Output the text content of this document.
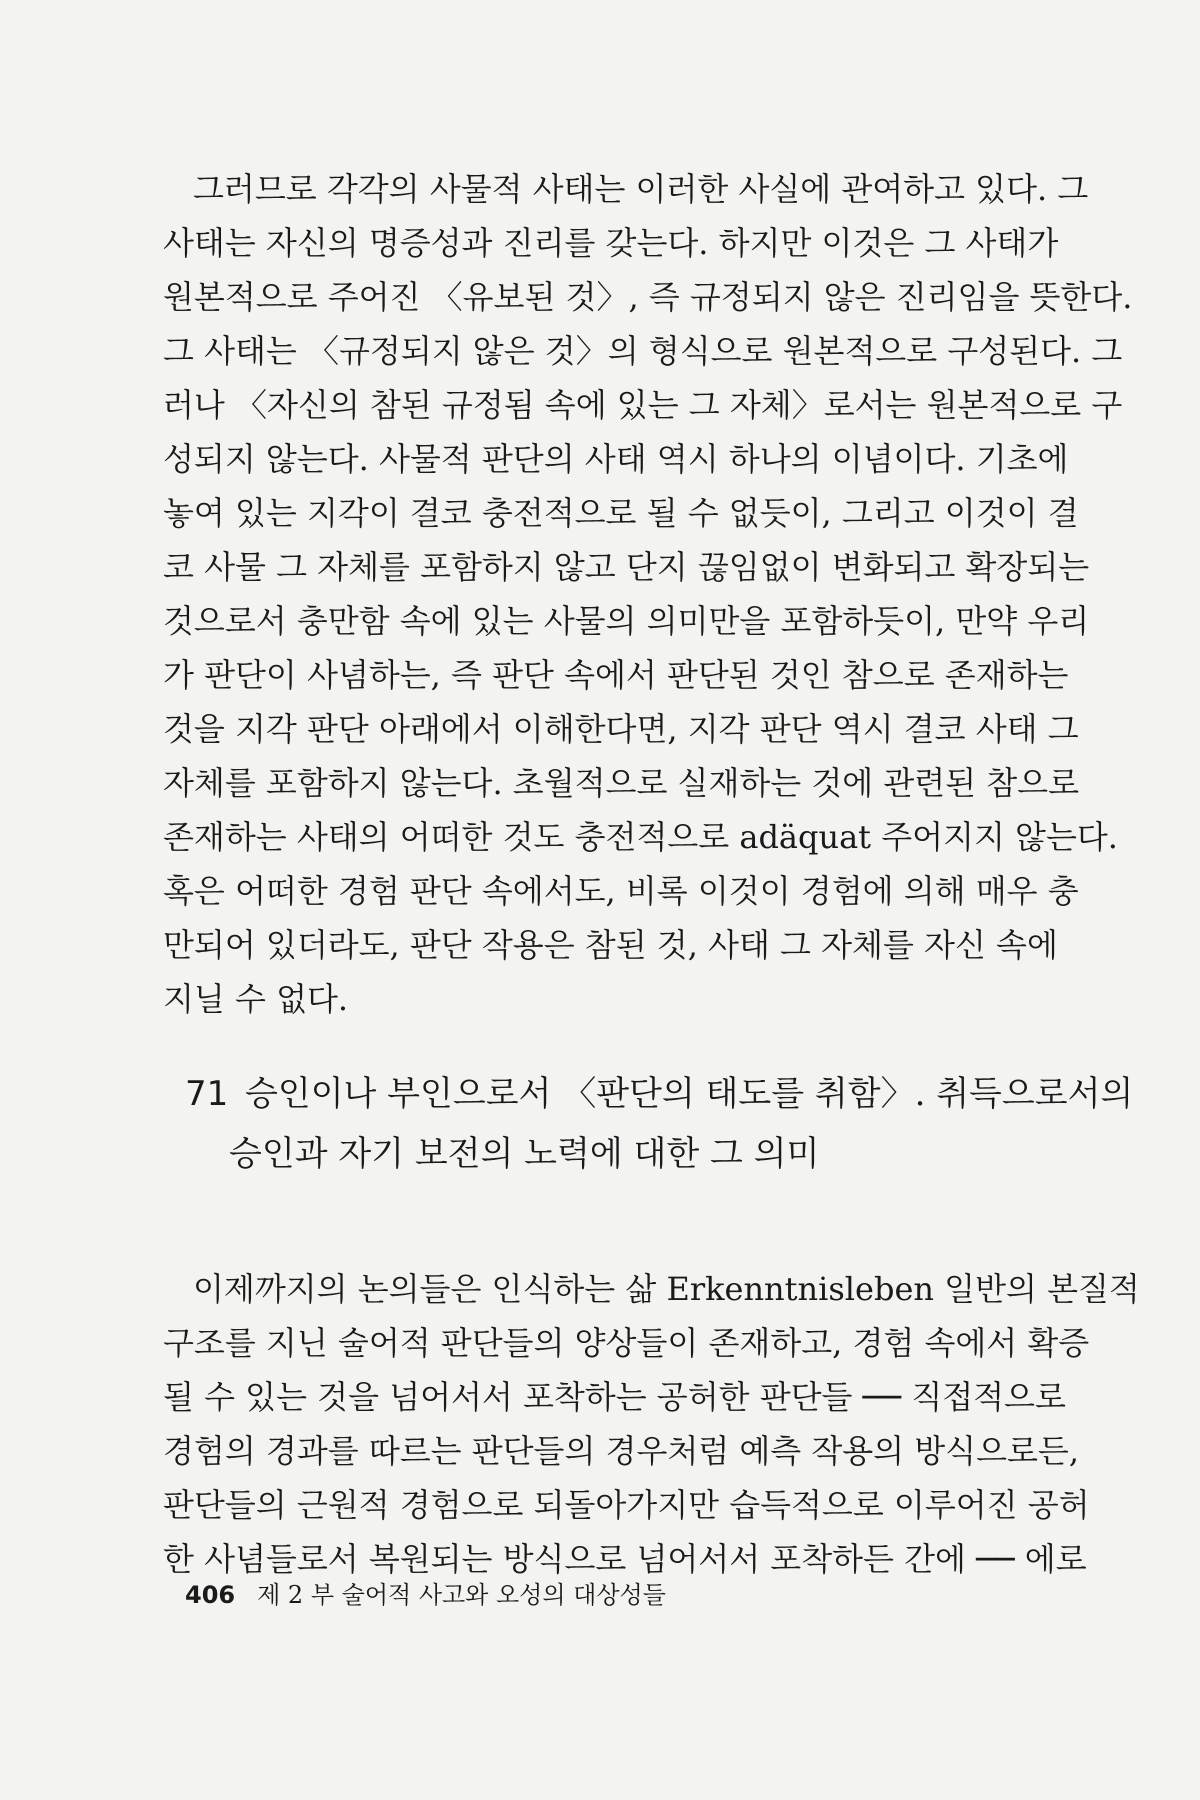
그러므로 각각의 사물적 사태는 이러한 사실에 관여하고 있다. 그
사태는 자신의 명증성과 진리를 갖는다. 하지만 이것은 그 사태가
원본적으로 주어진 〈유보된 것〉, 즉 규정되지 않은 진리임을 뜻한다.
그 사태는 〈규정되지 않은 것〉의 형식으로 원본적으로 구성된다. 그
러나 〈자신의 참된 규정됨 속에 있는 그 자체〉로서는 원본적으로 구
성되지 않는다. 사물적 판단의 사태 역시 하나의 이념이다. 기초에
놓여 있는 지각이 결코 충전적으로 될 수 없듯이, 그리고 이것이 결
코 사물 그 자체를 포함하지 않고 단지 끊임없이 변화되고 확장되는
것으로서 충만함 속에 있는 사물의 의미만을 포함하듯이, 만약 우리
가 판단이 사념하는, 즉 판단 속에서 판단된 것인 참으로 존재하는
것을 지각 판단 아래에서 이해한다면, 지각 판단 역시 결코 사태 그
자체를 포함하지 않는다. 초월적으로 실재하는 것에 관련된 참으로
존재하는 사태의 어떠한 것도 충전적으로 adäquat 주어지지 않는다.
혹은 어떠한 경험 판단 속에서도, 비록 이것이 경험에 의해 매우 충
만되어 있더라도, 판단 작용은 참된 것, 사태 그 자체를 자신 속에
지닐 수 없다.
71 승인이나 부인으로서 〈판단의 태도를 취함〉. 취득으로서의
승인과 자기 보전의 노력에 대한 그 의미
이제까지의 논의들은 인식하는 삶 Erkenntnisleben 일반의 본질적
구조를 지닌 술어적 판단들의 양상들이 존재하고, 경험 속에서 확증
될 수 있는 것을 넘어서서 포착하는 공허한 판단들 ── 직접적으로
경험의 경과를 따르는 판단들의 경우처럼 예측 작용의 방식으로든,
판단들의 근원적 경험으로 되돌아가지만 습득적으로 이루어진 공허
한 사념들로서 복원되는 방식으로 넘어서서 포착하든 간에 ── 에로
406 제 2 부 술어적 사고와 오성의 대상성들
